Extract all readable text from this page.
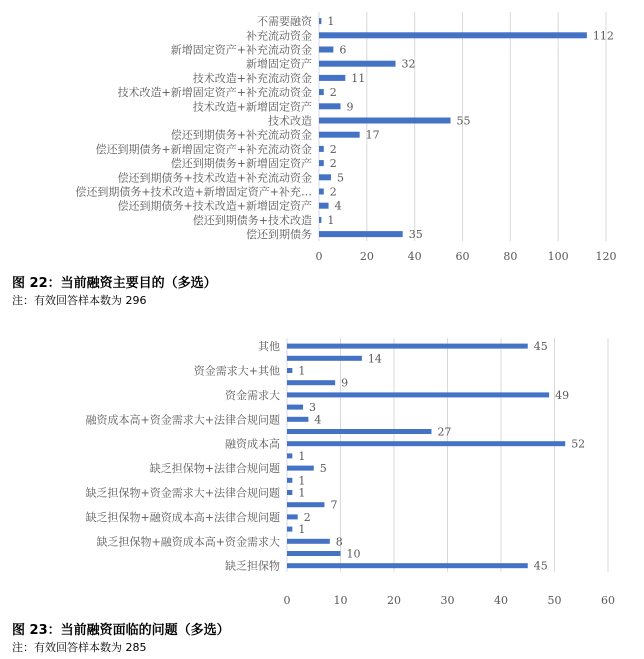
0	20	40	60	80	100 120
不需要融资 1
补充流动资金	112
新增固定资产+补充流动资金 6
新增固定资产	32
技术改造+补充流动资金	11
技术改造+新增固定资产+补充流动资金 2
技术改造+新增固定资产	9
技术改造	55
偿还到期债务+补充流动资金	17
偿还到期债务+新增固定资产+补充流动资金 2
偿还到期债务+新增固定资产 2
偿还到期债务+技术改造+补充流动资金 5
偿还到期债务+技术改造+新增固定资产+补充… 2
偿还到期债务+技术改造+新增固定资产 4
偿还到期债务+技术改造 1
偿还到期债务	35
图 22：当前融资主要目的（多选）
注：有效回答样本数为 296
0	10	20	30	40	50	60
其他	45
14
资金需求大+其他 1
9
资金需求大	49
3
融资成本高+资金需求大+法律合规问题	4
27
融资成本高	52
1
缺乏担保物+法律合规问题	5
1
缺乏担保物+资金需求大+法律合规问题 1
7
缺乏担保物+融资成本高+法律合规问题 2
1
缺乏担保物+融资成本高+资金需求大	8
10
缺乏担保物	45
图 23：当前融资面临的问题（多选）
注：有效回答样本数为 285
